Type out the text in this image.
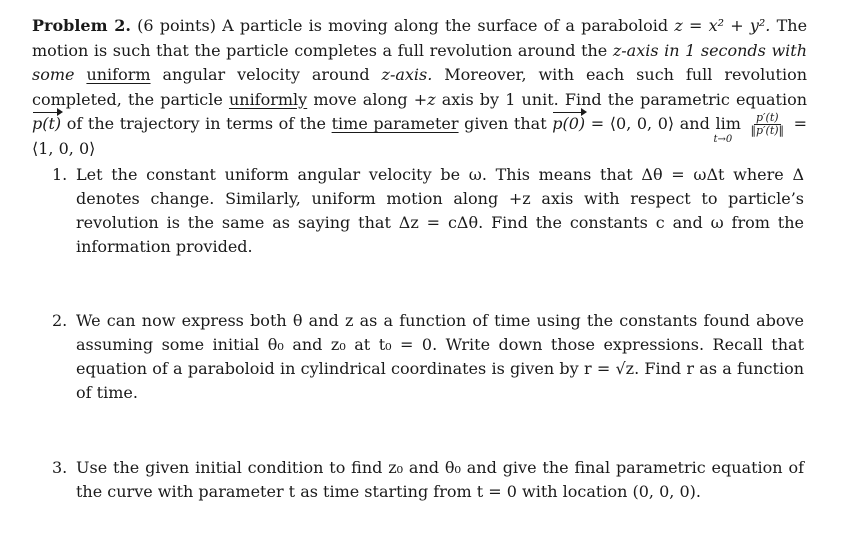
Problem 2. (6 points) A particle is moving along the surface of a paraboloid z = x² + y². The motion is such that the particle completes a full revolution around the z-axis in 1 seconds with some uniform angular velocity around z-axis. Moreover, with each such full revolution completed, the particle uniformly move along +z axis by 1 unit. Find the parametric equation p(t) of the trajectory in terms of the time parameter given that p(0) = ⟨0, 0, 0⟩ and lim
t→0

$\frac{p'(t)}{‖p'(t)‖}$ = ⟨1, 0, 0⟩
1. Let the constant uniform angular velocity be ω. This means that Δθ = ωΔt where Δ denotes change. Similarly, uniform motion along +z axis with respect to particle’s revolution is the same as saying that Δz = cΔθ. Find the constants c and ω from the information provided.
2. We can now express both θ and z as a function of time using the constants found above assuming some initial θ₀ and z₀ at t₀ = 0. Write down those expressions. Recall that equation of a paraboloid in cylindrical coordinates is given by r = √z. Find r as a function of time.
3. Use the given initial condition to find z₀ and θ₀ and give the final parametric equation of the curve with parameter t as time starting from t = 0 with location (0, 0, 0).
